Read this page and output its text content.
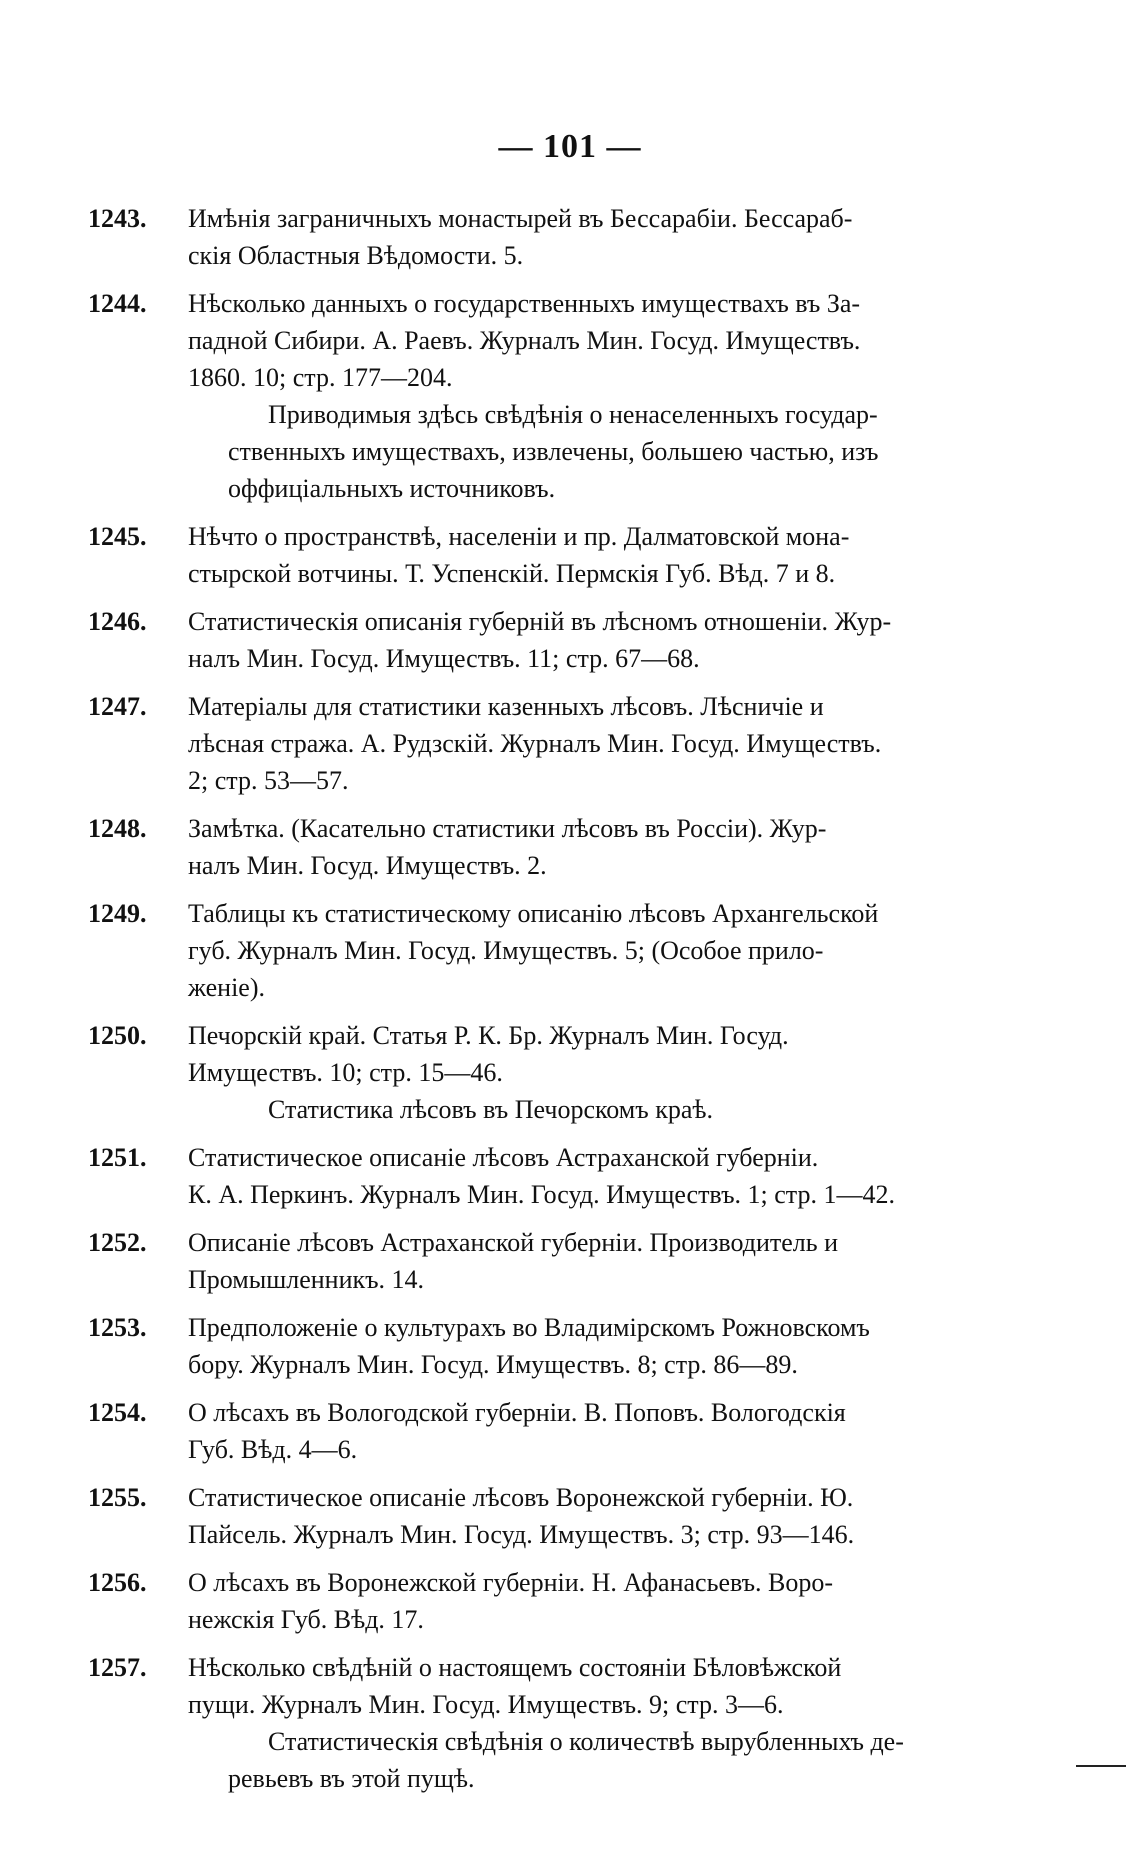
— 101 —
1243. Имѣнія заграничныхъ монастырей въ Бессарабіи. Бессараб-
скія Областныя Вѣдомости. 5.
1244. Нѣсколько данныхъ о государственныхъ имуществахъ въ За-
падной Сибири. А. Раевъ. Журналъ Мин. Госуд. Имуществъ.
1860. 10; стр. 177—204.
Приводимыя здѣсь свѣдѣнія о ненаселенныхъ государ-
ственныхъ имуществахъ, извлечены, большею частью, изъ
оффиціальныхъ источниковъ.
1245. Нѣчто о пространствѣ, населеніи и пр. Далматовской мона-
стырской вотчины. Т. Успенскій. Пермскія Губ. Вѣд. 7 и 8.
1246. Статистическія описанія губерній въ лѣсномъ отношеніи. Жур-
налъ Мин. Госуд. Имуществъ. 11; стр. 67—68.
1247. Матеріалы для статистики казенныхъ лѣсовъ. Лѣсничіе и
лѣсная стража. А. Рудзскій. Журналъ Мин. Госуд. Имуществъ.
2; стр. 53—57.
1248. Замѣтка. (Касательно статистики лѣсовъ въ Россіи). Жур-
налъ Мин. Госуд. Имуществъ. 2.
1249. Таблицы къ статистическому описанію лѣсовъ Архангельской
губ. Журналъ Мин. Госуд. Имуществъ. 5; (Особое прило-
женіе).
1250. Печорскій край. Статья Р. К. Бр. Журналъ Мин. Госуд.
Имуществъ. 10; стр. 15—46.
Статистика лѣсовъ въ Печорскомъ краѣ.
1251. Статистическое описаніе лѣсовъ Астраханской губерніи.
К. А. Перкинъ. Журналъ Мин. Госуд. Имуществъ. 1; стр. 1—42.
1252. Описаніе лѣсовъ Астраханской губерніи. Производитель и
Промышленникъ. 14.
1253. Предположеніе о культурахъ во Владимірскомъ Рожновскомъ
бору. Журналъ Мин. Госуд. Имуществъ. 8; стр. 86—89.
1254. О лѣсахъ въ Вологодской губерніи. В. Поповъ. Вологодскія
Губ. Вѣд. 4—6.
1255. Статистическое описаніе лѣсовъ Воронежской губерніи. Ю.
Пайсель. Журналъ Мин. Госуд. Имуществъ. 3; стр. 93—146.
1256. О лѣсахъ въ Воронежской губерніи. Н. Афанасьевъ. Воро-
нежскія Губ. Вѣд. 17.
1257. Нѣсколько свѣдѣній о настоящемъ состояніи Бѣловѣжской
пущи. Журналъ Мин. Госуд. Имуществъ. 9; стр. 3—6.
Статистическія свѣдѣнія о количествѣ вырубленныхъ де-
ревьевъ въ этой пущѣ.
